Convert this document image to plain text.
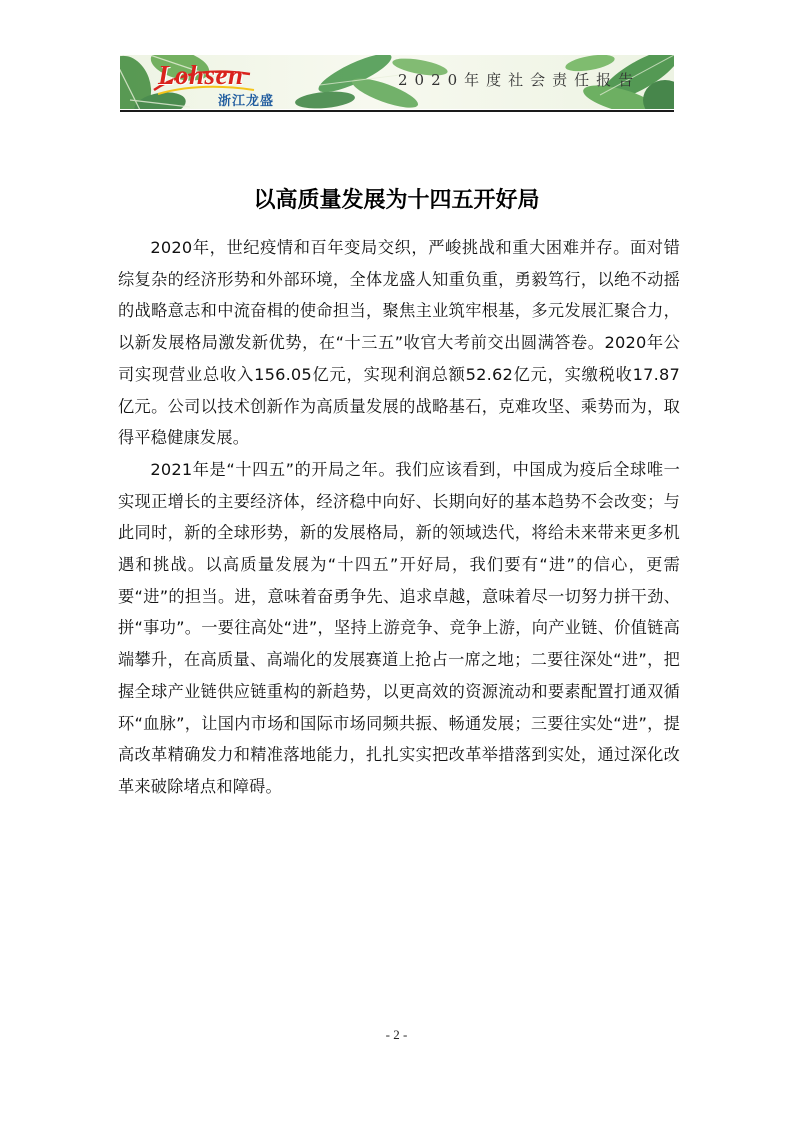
Lohsen
浙江龙盛
2020年度社会责任报告
以高质量发展为十四五开好局

2020年，世纪疫情和百年变局交织，严峻挑战和重大困难并存。面对错综复杂的经济形势和外部环境，全体龙盛人知重负重，勇毅笃行，以绝不动摇的战略意志和中流奋楫的使命担当，聚焦主业筑牢根基，多元发展汇聚合力，以新发展格局激发新优势，在“十三五”收官大考前交出圆满答卷。2020年公司实现营业总收入156.05亿元，实现利润总额52.62亿元，实缴税收17.87亿元。公司以技术创新作为高质量发展的战略基石，克难攻坚、乘势而为，取得平稳健康发展。

2021年是“十四五”的开局之年。我们应该看到，中国成为疫后全球唯一实现正增长的主要经济体，经济稳中向好、长期向好的基本趋势不会改变；与此同时，新的全球形势，新的发展格局，新的领域迭代，将给未来带来更多机遇和挑战。以高质量发展为“十四五”开好局，我们要有“进”的信心，更需要“进”的担当。进，意味着奋勇争先、追求卓越，意味着尽一切努力拼干劲、拼“事功”。一要往高处“进”，坚持上游竞争、竞争上游，向产业链、价值链高端攀升，在高质量、高端化的发展赛道上抢占一席之地；二要往深处“进”，把握全球产业链供应链重构的新趋势，以更高效的资源流动和要素配置打通双循环“血脉”，让国内市场和国际市场同频共振、畅通发展；三要往实处“进”，提高改革精确发力和精准落地能力，扎扎实实把改革举措落到实处，通过深化改革来破除堵点和障碍。

- 2 -
